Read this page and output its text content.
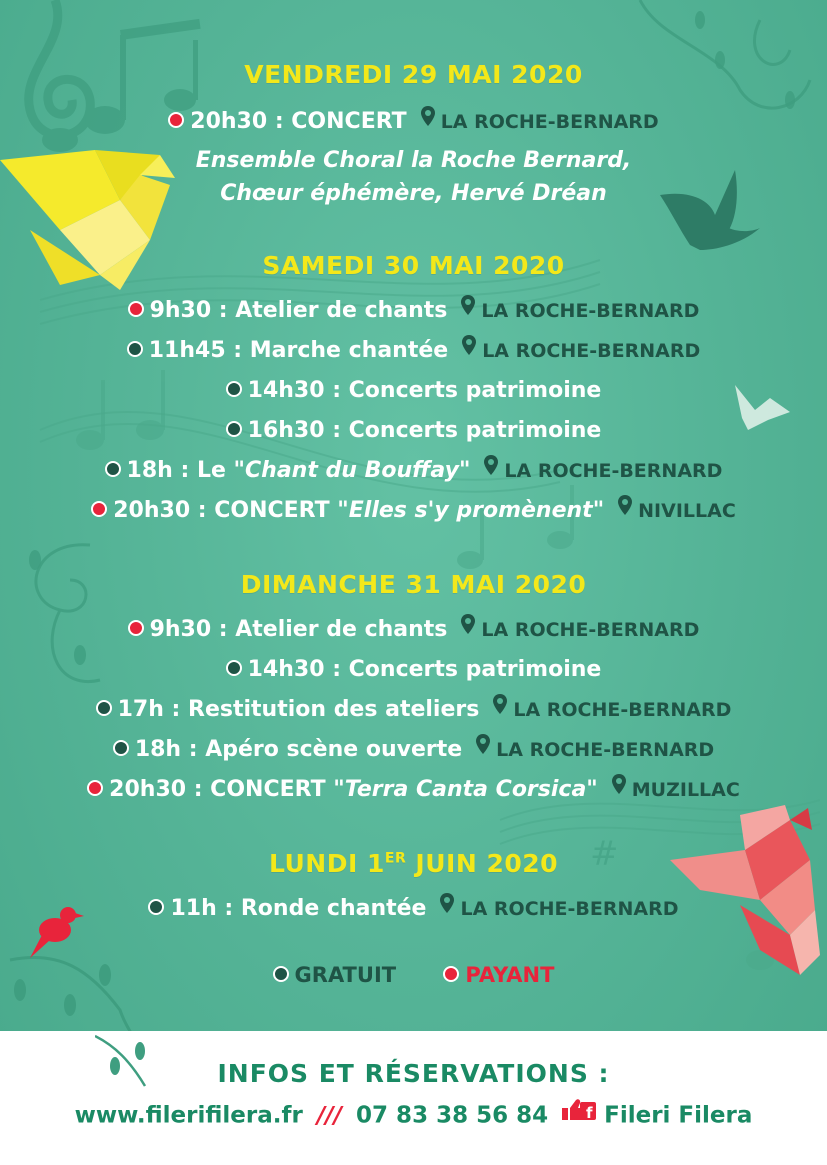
#
VENDREDI 29 MAI 2020
20h30 : CONCERT LA ROCHE-BERNARD
Ensemble Choral la Roche Bernard,
Chœur éphémère, Hervé Dréan
SAMEDI 30 MAI 2020
9h30 : Atelier de chants LA ROCHE-BERNARD
11h45 : Marche chantée LA ROCHE-BERNARD
14h30 : Concerts patrimoine
16h30 : Concerts patrimoine
18h : Le "Chant du Bouffay" LA ROCHE-BERNARD
20h30 : CONCERT "Elles s'y promènent" NIVILLAC
DIMANCHE 31 MAI 2020
9h30 : Atelier de chants LA ROCHE-BERNARD
14h30 : Concerts patrimoine
17h : Restitution des ateliers LA ROCHE-BERNARD
18h : Apéro scène ouverte LA ROCHE-BERNARD
20h30 : CONCERT "Terra Canta Corsica" MUZILLAC
LUNDI 1ER JUIN 2020
11h : Ronde chantée LA ROCHE-BERNARD
GRATUIT	PAYANT
INFOS ET RÉSERVATIONS :
www.filerifilera.fr /// 07 83 38 56 84	f Fileri Filera
